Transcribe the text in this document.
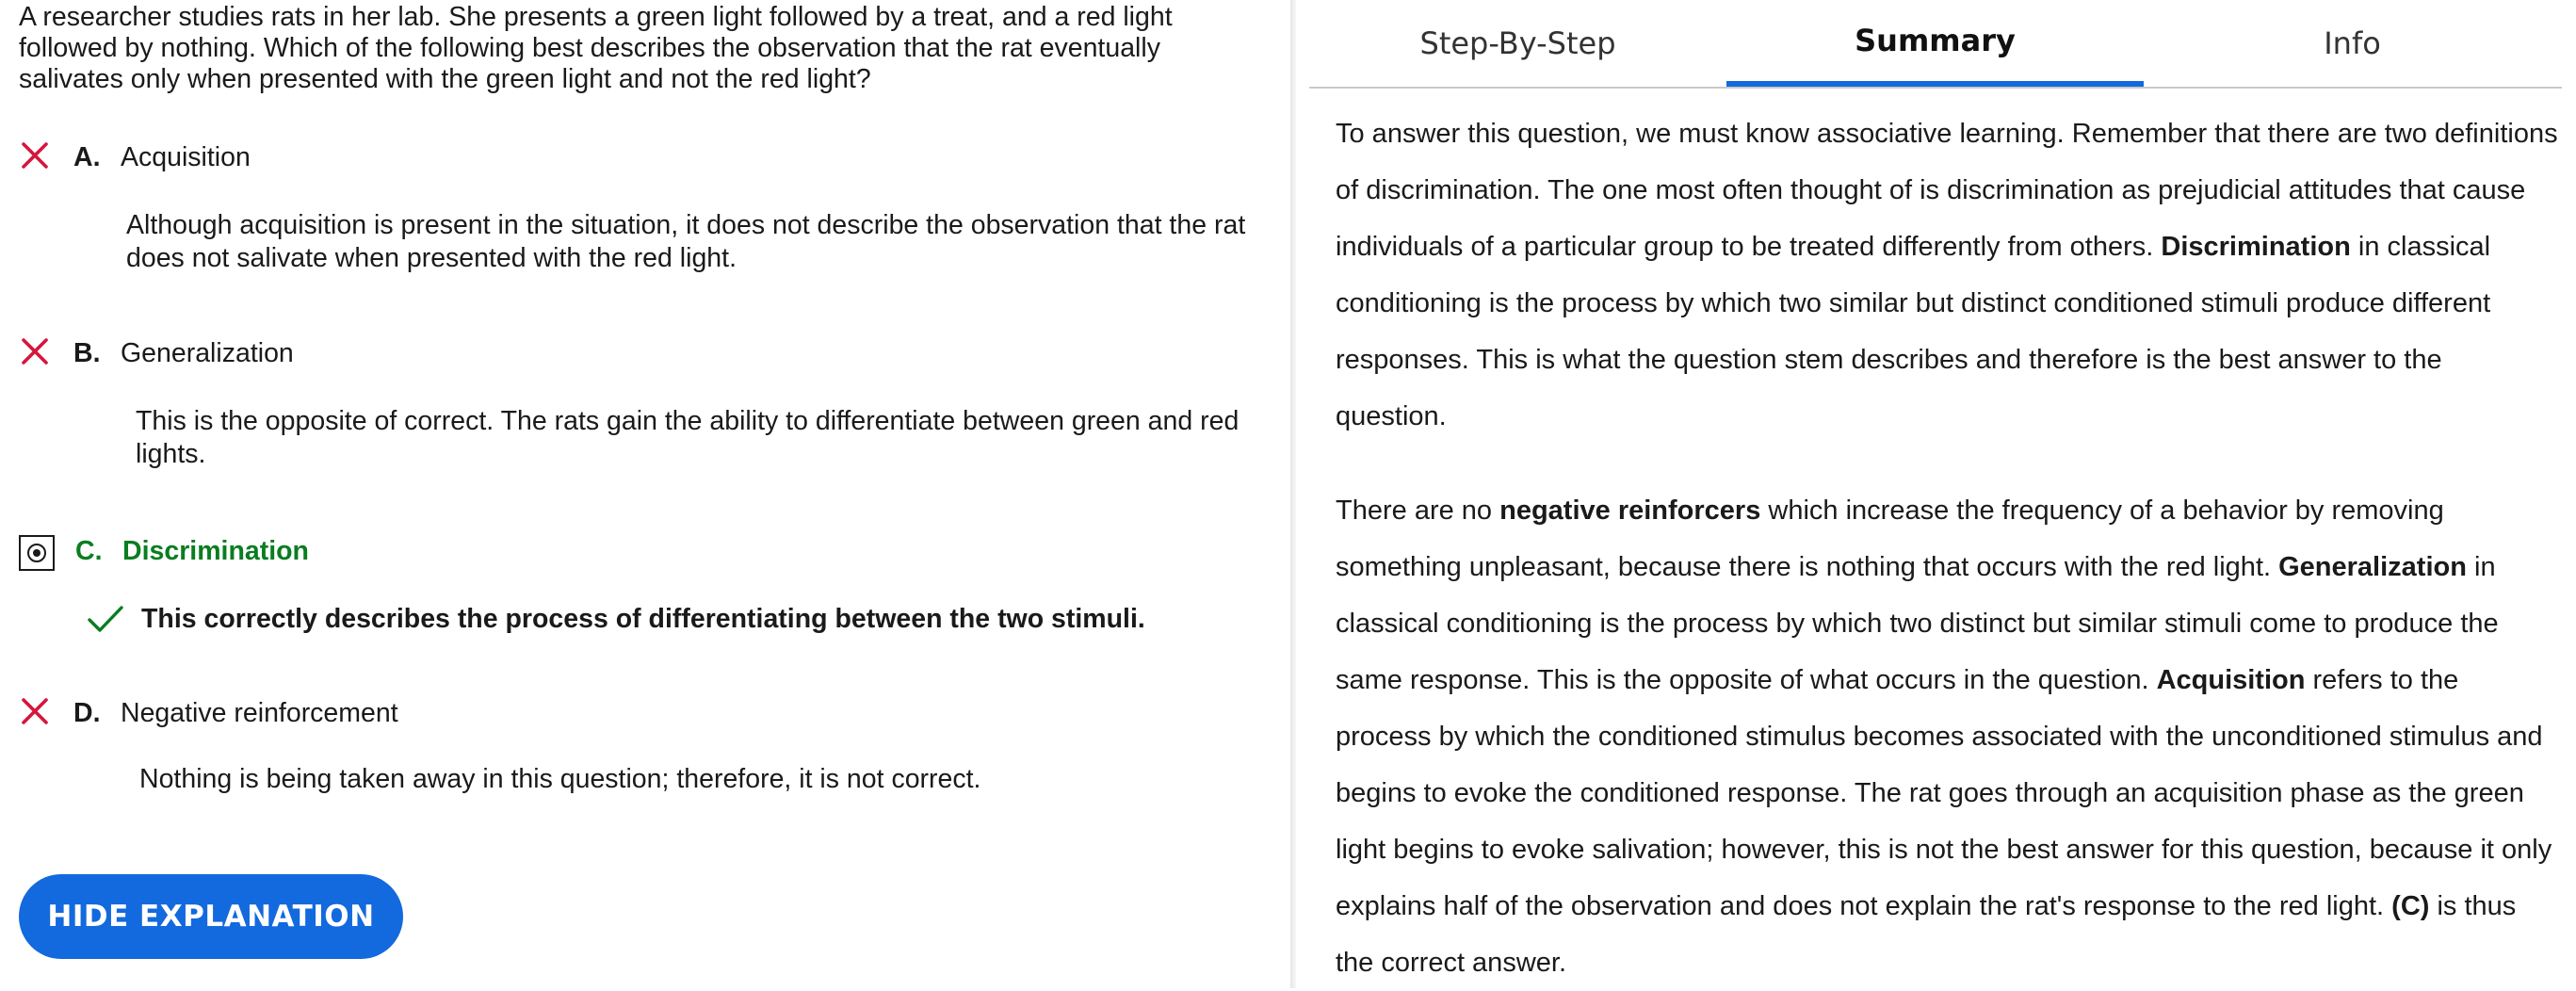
A researcher studies rats in her lab. She presents a green light followed by a treat, and a red light followed by nothing. Which of the following best describes the observation that the rat eventually salivates only when presented with the green light and not the red light?
A. Acquisition
Although acquisition is present in the situation, it does not describe the observation that the rat does not salivate when presented with the red light.
B. Generalization
This is the opposite of correct. The rats gain the ability to differentiate between green and red lights.
C. Discrimination
This correctly describes the process of differentiating between the two stimuli.
D. Negative reinforcement
Nothing is being taken away in this question; therefore, it is not correct.
HIDE EXPLANATION
Step-By-Step	Summary	Info

To answer this question, we must know associative learning. Remember that there are two definitions of discrimination. The one most often thought of is discrimination as prejudicial attitudes that cause individuals of a particular group to be treated differently from others. Discrimination in classical conditioning is the process by which two similar but distinct conditioned stimuli produce different responses. This is what the question stem describes and therefore is the best answer to the question.

There are no negative reinforcers which increase the frequency of a behavior by removing something unpleasant, because there is nothing that occurs with the red light. Generalization in classical conditioning is the process by which two distinct but similar stimuli come to produce the same response. This is the opposite of what occurs in the question. Acquisition refers to the process by which the conditioned stimulus becomes associated with the unconditioned stimulus and begins to evoke the conditioned response. The rat goes through an acquisition phase as the green light begins to evoke salivation; however, this is not the best answer for this question, because it only explains half of the observation and does not explain the rat's response to the red light. (C) is thus the correct answer.
